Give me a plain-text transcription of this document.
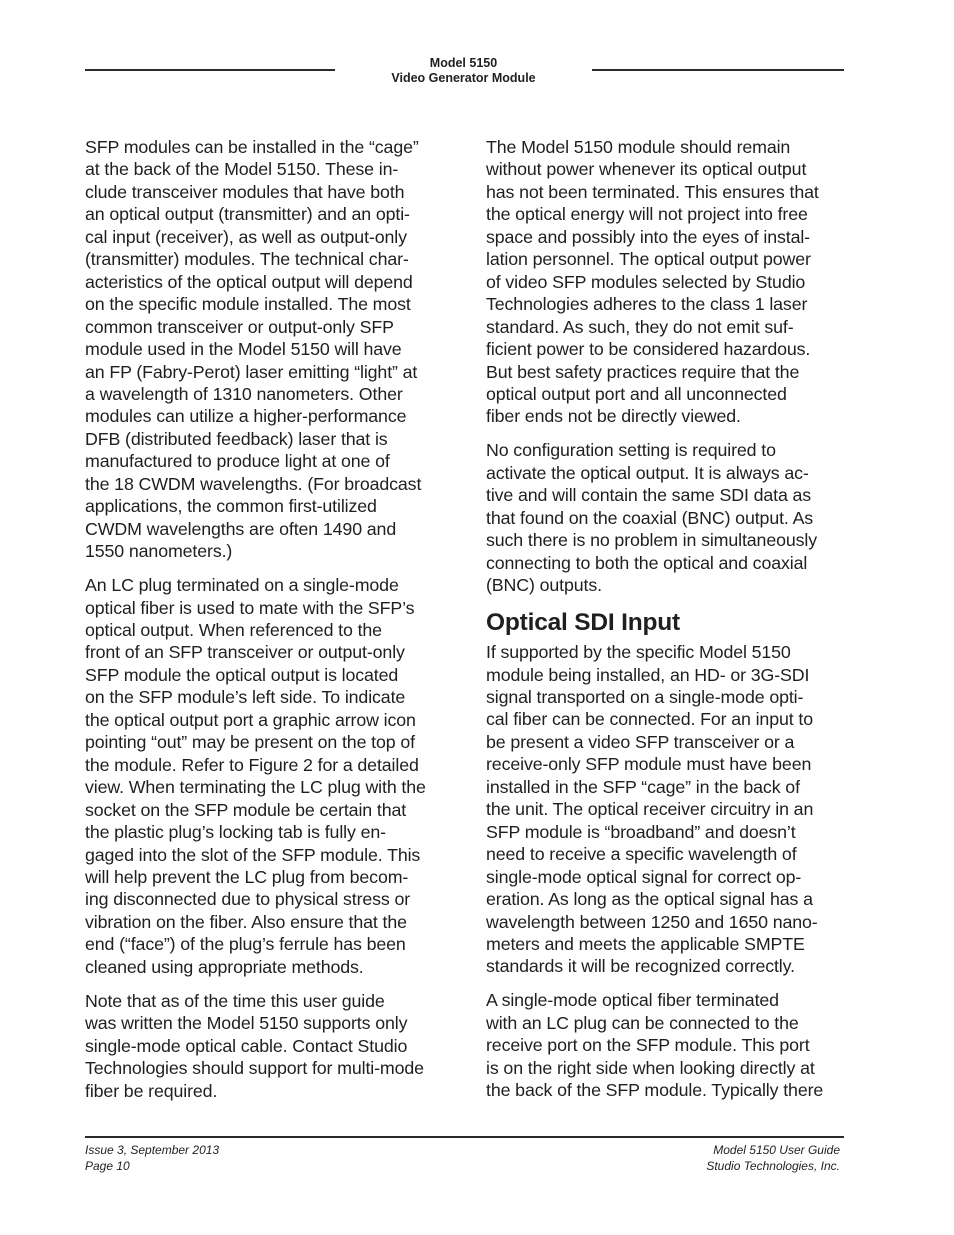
Model 5150
Video Generator Module

SFP modules can be installed in the “cage”
at the back of the Model 5150. These in-
clude transceiver modules that have both
an optical output (transmitter) and an opti-
cal input (receiver), as well as output-only
(transmitter) modules. The technical char-
acteristics of the optical output will depend
on the specific module installed. The most
common transceiver or output-only SFP
module used in the Model 5150 will have
an FP (Fabry-Perot) laser emitting “light” at
a wavelength of 1310 nanometers. Other
modules can utilize a higher-performance
DFB (distributed feedback) laser that is
manufactured to produce light at one of
the 18 CWDM wavelengths. (For broadcast
applications, the common first-utilized
CWDM wavelengths are often 1490 and
1550 nanometers.)

An LC plug terminated on a single-mode
optical fiber is used to mate with the SFP’s
optical output. When referenced to the
front of an SFP transceiver or output-only
SFP module the optical output is located
on the SFP module’s left side. To indicate
the optical output port a graphic arrow icon
pointing “out” may be present on the top of
the module. Refer to Figure 2 for a detailed
view. When terminating the LC plug with the
socket on the SFP module be certain that
the plastic plug’s locking tab is fully en-
gaged into the slot of the SFP module. This
will help prevent the LC plug from becom-
ing disconnected due to physical stress or
vibration on the fiber. Also ensure that the
end (“face”) of the plug’s ferrule has been
cleaned using appropriate methods.

Note that as of the time this user guide
was written the Model 5150 supports only
single-mode optical cable. Contact Studio
Technologies should support for multi-mode
fiber be required.

The Model 5150 module should remain
without power whenever its optical output
has not been terminated. This ensures that
the optical energy will not project into free
space and possibly into the eyes of instal-
lation personnel. The optical output power
of video SFP modules selected by Studio
Technologies adheres to the class 1 laser
standard. As such, they do not emit suf-
ficient power to be considered hazardous.
But best safety practices require that the
optical output port and all unconnected
fiber ends not be directly viewed.

No configuration setting is required to
activate the optical output. It is always ac-
tive and will contain the same SDI data as
that found on the coaxial (BNC) output. As
such there is no problem in simultaneously
connecting to both the optical and coaxial
(BNC) outputs.

Optical SDI Input

If supported by the specific Model 5150
module being installed, an HD- or 3G-SDI
signal transported on a single-mode opti-
cal fiber can be connected. For an input to
be present a video SFP transceiver or a
receive-only SFP module must have been
installed in the SFP “cage” in the back of
the unit. The optical receiver circuitry in an
SFP module is “broadband” and doesn’t
need to receive a specific wavelength of
single-mode optical signal for correct op-
eration. As long as the optical signal has a
wavelength between 1250 and 1650 nano-
meters and meets the applicable SMPTE
standards it will be recognized correctly.

A single-mode optical fiber terminated
with an LC plug can be connected to the
receive port on the SFP module. This port
is on the right side when looking directly at
the back of the SFP module. Typically there

Issue 3, September 2013
Page 10
Model 5150 User Guide
Studio Technologies, Inc.
